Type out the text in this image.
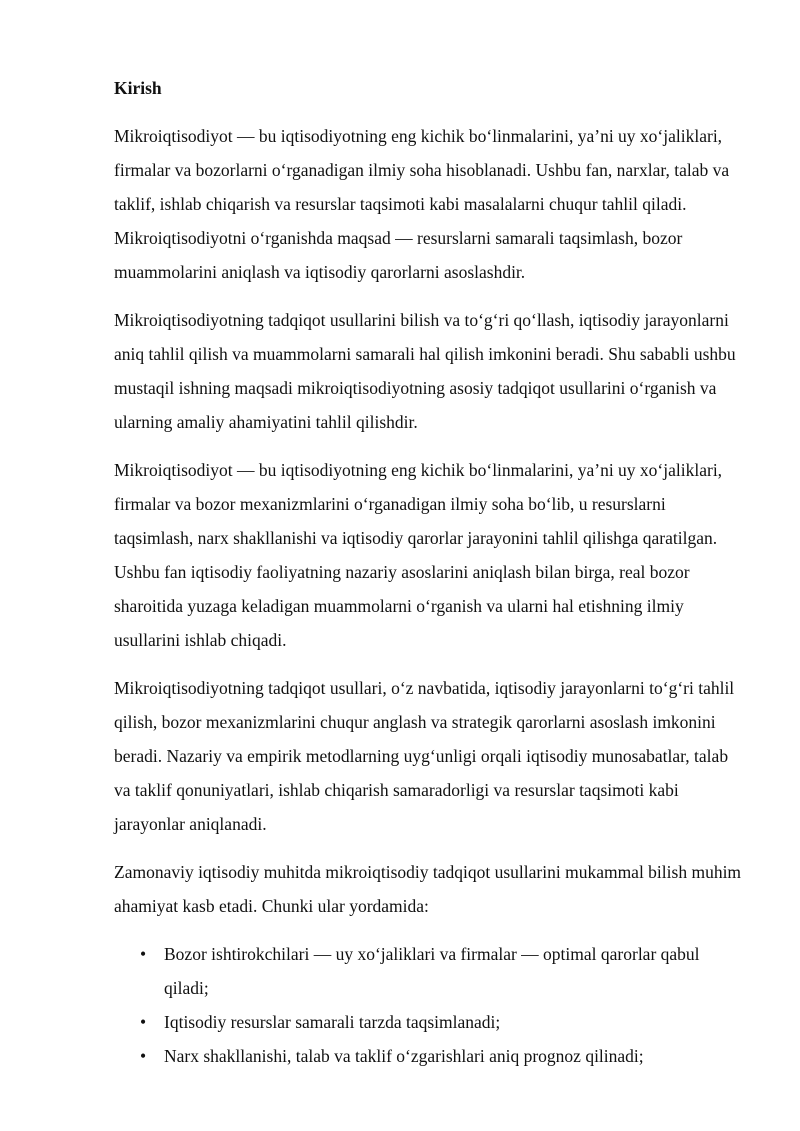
Kirish

Mikroiqtisodiyot — bu iqtisodiyotning eng kichik boʻlinmalarini, yaʼni uy xoʻjaliklari, firmalar va bozorlarni oʻrganadigan ilmiy soha hisoblanadi. Ushbu fan, narxlar, talab va taklif, ishlab chiqarish va resurslar taqsimoti kabi masalalarni chuqur tahlil qiladi. Mikroiqtisodiyotni oʻrganishda maqsad — resurslarni samarali taqsimlash, bozor muammolarini aniqlash va iqtisodiy qarorlarni asoslashdir.

Mikroiqtisodiyotning tadqiqot usullarini bilish va toʻgʻri qoʻllash, iqtisodiy jarayonlarni aniq tahlil qilish va muammolarni samarali hal qilish imkonini beradi. Shu sababli ushbu mustaqil ishning maqsadi mikroiqtisodiyotning asosiy tadqiqot usullarini oʻrganish va ularning amaliy ahamiyatini tahlil qilishdir.

Mikroiqtisodiyot — bu iqtisodiyotning eng kichik boʻlinmalarini, yaʼni uy xoʻjaliklari, firmalar va bozor mexanizmlarini oʻrganadigan ilmiy soha boʻlib, u resurslarni taqsimlash, narx shakllanishi va iqtisodiy qarorlar jarayonini tahlil qilishga qaratilgan. Ushbu fan iqtisodiy faoliyatning nazariy asoslarini aniqlash bilan birga, real bozor sharoitida yuzaga keladigan muammolarni oʻrganish va ularni hal etishning ilmiy usullarini ishlab chiqadi.

Mikroiqtisodiyotning tadqiqot usullari, oʻz navbatida, iqtisodiy jarayonlarni toʻgʻri tahlil qilish, bozor mexanizmlarini chuqur anglash va strategik qarorlarni asoslash imkonini beradi. Nazariy va empirik metodlarning uygʻunligi orqali iqtisodiy munosabatlar, talab va taklif qonuniyatlari, ishlab chiqarish samaradorligi va resurslar taqsimoti kabi jarayonlar aniqlanadi.

Zamonaviy iqtisodiy muhitda mikroiqtisodiy tadqiqot usullarini mukammal bilish muhim ahamiyat kasb etadi. Chunki ular yordamida:

• Bozor ishtirokchilari — uy xoʻjaliklari va firmalar — optimal qarorlar qabul qiladi;
• Iqtisodiy resurslar samarali tarzda taqsimlanadi;
• Narx shakllanishi, talab va taklif oʻzgarishlari aniq prognoz qilinadi;
